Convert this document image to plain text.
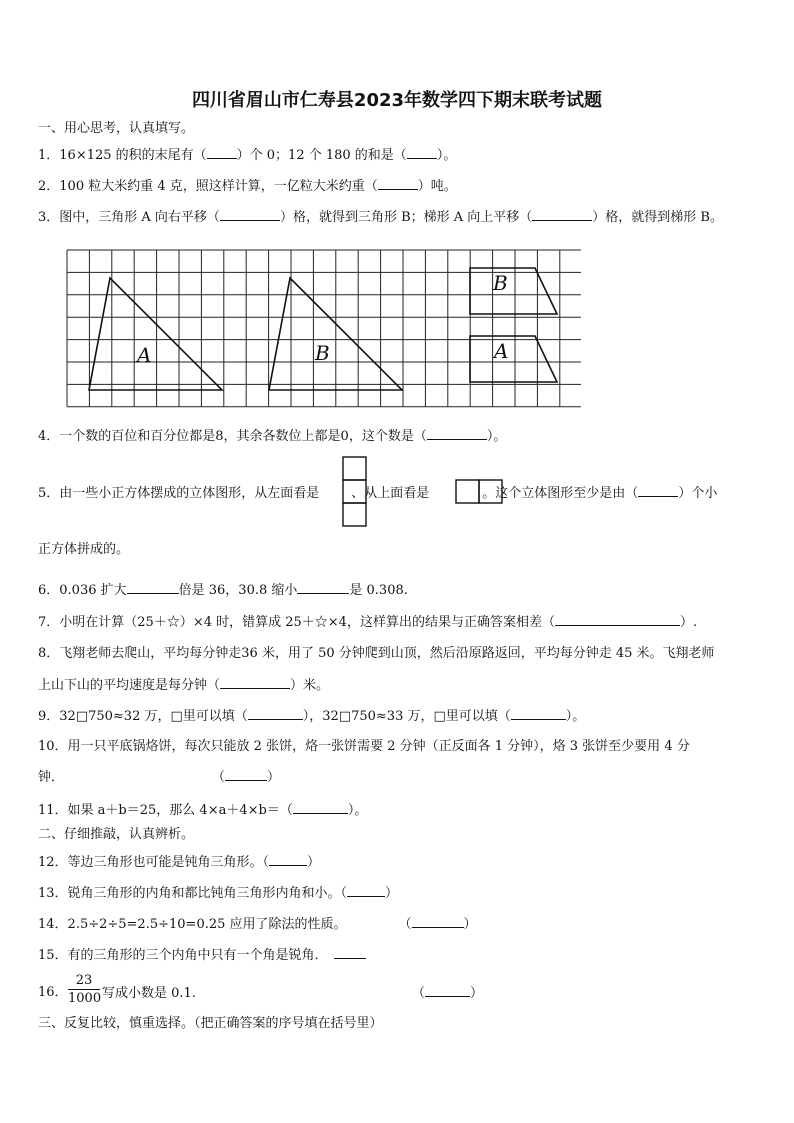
四川省眉山市仁寿县2023年数学四下期末联考试题
一、用心思考，认真填写。
1．16×125 的积的末尾有（ ）个 0；12 个 180 的和是（ ）。
2．100 粒大米约重 4 克，照这样计算，一亿粒大米约重（	）吨。
3．图中，三角形 A 向右平移（	）格，就得到三角形 B；梯形 A 向上平移（	）格，就得到梯形 B。
A	B
B
A
4．一个数的百位和百分位都是8，其余各数位上都是0，这个数是（	）。
5．由一些小正方体摆成的立体图形，从左面看是 、从上面看是	。这个立体图形至少是由（	）个小
正方体拼成的。
6．0.036 扩大	倍是 36，30.8 缩小	是 0.308.
7．小明在计算（25＋☆）×4 时，错算成 25＋☆×4，这样算出的结果与正确答案相差（	）.
8．飞翔老师去爬山，平均每分钟走36 米，用了 50 分钟爬到山顶，然后沿原路返回，平均每分钟走 45 米。飞翔老师
上山下山的平均速度是每分钟（	）米。
9．32□750≈32 万，□里可以填（	），32□750≈33 万，□里可以填（	）。
10．用一只平底锅烙饼，每次只能放 2 张饼，烙一张饼需要 2 分钟（正反面各 1 分钟），烙 3 张饼至少要用 4 分
钟．	（	）
11．如果 a＋b＝25，那么 4×a＋4×b＝（	）。
二、仔细推敲，认真辨析。
12．等边三角形也可能是钝角三角形。（	）
13．锐角三角形的内角和都比钝角三角形内角和小。（	）
14．2.5÷2÷5=2.5÷10=0.25 应用了除法的性质。	（	）
15．有的三角形的三个内角中只有一个角是锐角．
16． $\frac{23}{1000}$ 写成小数是 0.1.	（	）
三、反复比较，慎重选择。（把正确答案的序号填在括号里）
